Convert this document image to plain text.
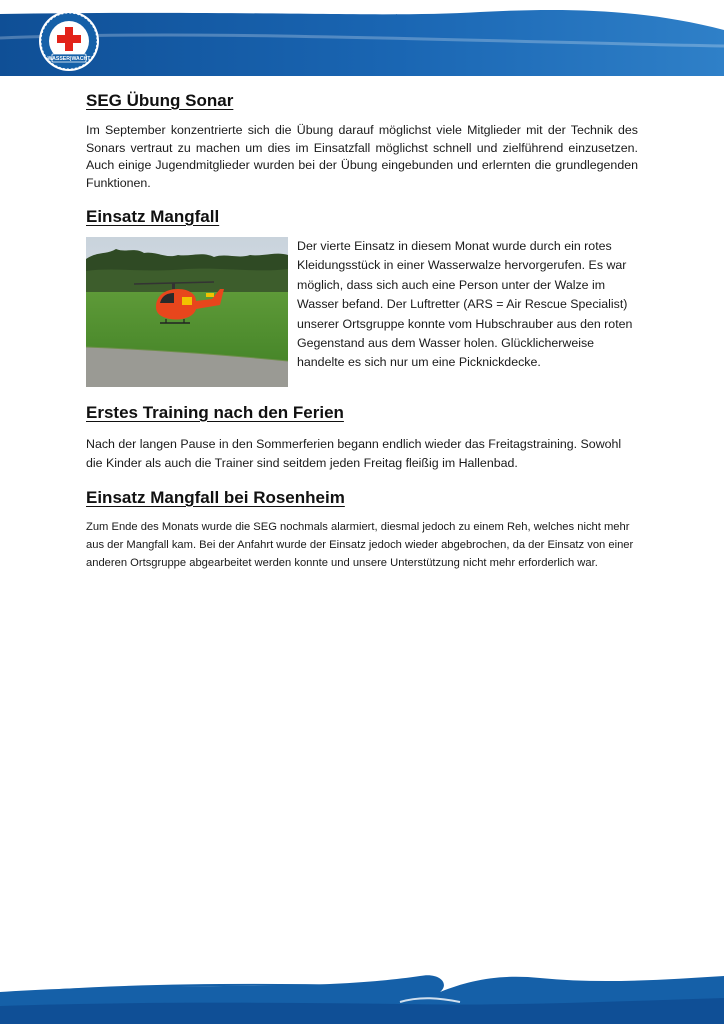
WASSER|WACHT
SEG Übung Sonar

Im September konzentrierte sich die Übung darauf möglichst viele Mitglieder mit der Technik des Sonars vertraut zu machen um dies im Einsatzfall möglichst schnell und zielführend einzusetzen. Auch einige Jugendmitglieder wurden bei der Übung eingebunden und erlernten die grundlegenden Funktionen.

Einsatz Mangfall

Der vierte Einsatz in diesem Monat wurde durch ein rotes Kleidungsstück in einer Wasserwalze hervorgerufen. Es war möglich, dass sich auch eine Person unter der Walze im Wasser befand. Der Luftretter (ARS = Air Rescue Specialist) unserer Ortsgruppe konnte vom Hubschrauber aus den roten Gegenstand aus dem Wasser holen. Glücklicherweise handelte es sich nur um eine Picknickdecke.

Erstes Training nach den Ferien

Nach der langen Pause in den Sommerferien begann endlich wieder das Freitagstraining. Sowohl die Kinder als auch die Trainer sind seitdem jeden Freitag fleißig im Hallenbad.

Einsatz Mangfall bei Rosenheim

Zum Ende des Monats wurde die SEG nochmals alarmiert, diesmal jedoch zu einem Reh, welches nicht mehr aus der Mangfall kam. Bei der Anfahrt wurde der Einsatz jedoch wieder abgebrochen, da der Einsatz von einer anderen Ortsgruppe abgearbeitet werden konnte und unsere Unterstützung nicht mehr erforderlich war.
